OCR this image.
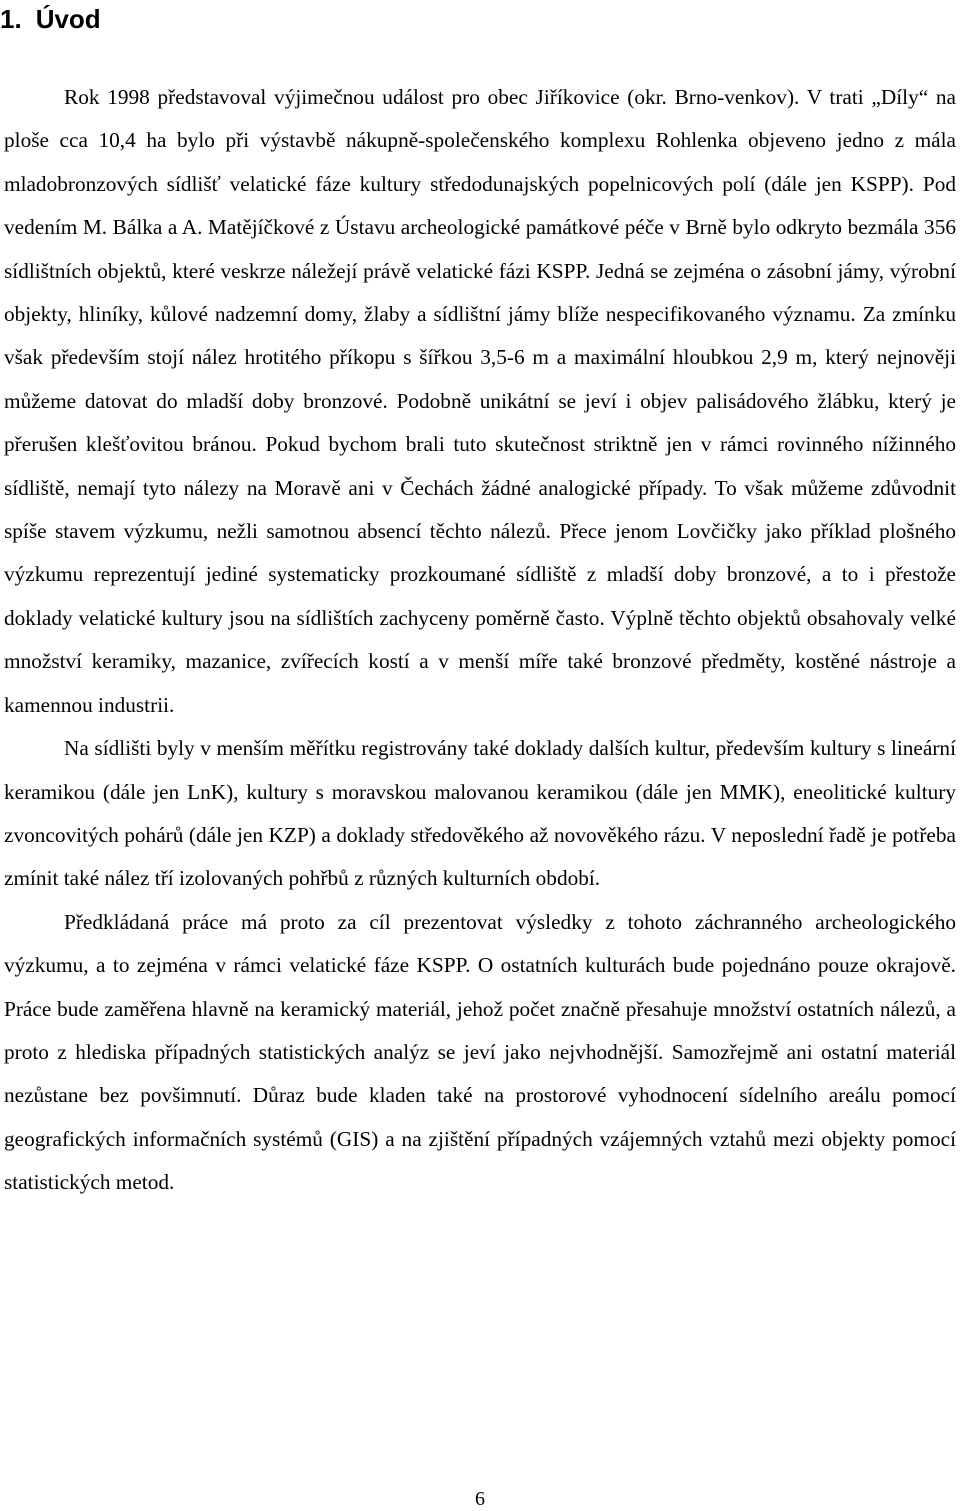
1. Úvod

Rok 1998 představoval výjimečnou událost pro obec Jiříkovice (okr. Brno-venkov). V trati „Díly“ na ploše cca 10,4 ha bylo při výstavbě nákupně-společenského komplexu Rohlenka objeveno jedno z mála mladobronzových sídlišť velatické fáze kultury středodunajských popelnicových polí (dále jen KSPP). Pod vedením M. Bálka a A. Matějíčkové z Ústavu archeologické památkové péče v Brně bylo odkryto bezmála 356 sídlištních objektů, které veskrze náležejí právě velatické fázi KSPP. Jedná se zejména o zásobní jámy, výrobní objekty, hliníky, kůlové nadzemní domy, žlaby a sídlištní jámy blíže nespecifikovaného významu. Za zmínku však především stojí nález hrotitého příkopu s šířkou 3,5-6 m a maximální hloubkou 2,9 m, který nejnověji můžeme datovat do mladší doby bronzové. Podobně unikátní se jeví i objev palisádového žlábku, který je přerušen klešťovitou bránou. Pokud bychom brali tuto skutečnost striktně jen v rámci rovinného nížinného sídliště, nemají tyto nálezy na Moravě ani v Čechách žádné analogické případy. To však můžeme zdůvodnit spíše stavem výzkumu, nežli samotnou absencí těchto nálezů. Přece jenom Lovčičky jako příklad plošného výzkumu reprezentují jediné systematicky prozkoumané sídliště z mladší doby bronzové, a to i přestože doklady velatické kultury jsou na sídlištích zachyceny poměrně často. Výplně těchto objektů obsahovaly velké množství keramiky, mazanice, zvířecích kostí a v menší míře také bronzové předměty, kostěné nástroje a kamennou industrii.

Na sídlišti byly v menším měřítku registrovány také doklady dalších kultur, především kultury s lineární keramikou (dále jen LnK), kultury s moravskou malovanou keramikou (dále jen MMK), eneolitické kultury zvoncovitých pohárů (dále jen KZP) a doklady středověkého až novověkého rázu. V neposlední řadě je potřeba zmínit také nález tří izolovaných pohřbů z různých kulturních období.

Předkládaná práce má proto za cíl prezentovat výsledky z tohoto záchranného archeologického výzkumu, a to zejména v rámci velatické fáze KSPP. O ostatních kulturách bude pojednáno pouze okrajově. Práce bude zaměřena hlavně na keramický materiál, jehož počet značně přesahuje množství ostatních nálezů, a proto z hlediska případných statistických analýz se jeví jako nejvhodnější. Samozřejmě ani ostatní materiál nezůstane bez povšimnutí. Důraz bude kladen také na prostorové vyhodnocení sídelního areálu pomocí geografických informačních systémů (GIS) a na zjištění případných vzájemných vztahů mezi objekty pomocí statistických metod.

6
